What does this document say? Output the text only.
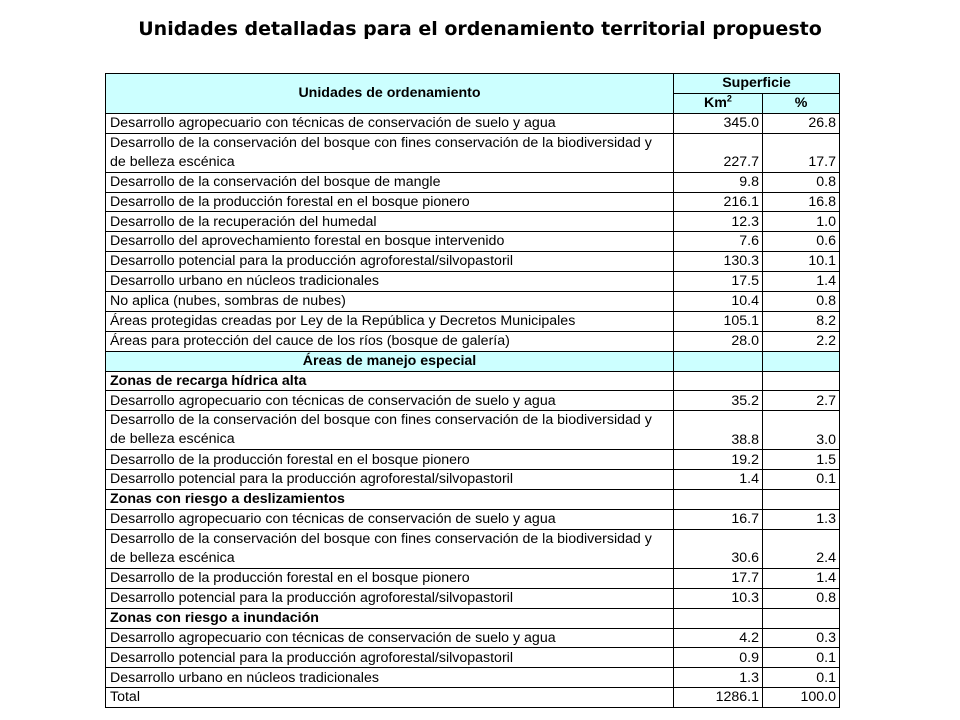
Unidades detalladas para el ordenamiento territorial propuesto
Unidades de ordenamiento	Superficie	
	Km$^2$	%
Desarrollo agropecuario con técnicas de conservación de suelo y agua	345.0	26.8
Desarrollo de la conservación del bosque con fines conservación de la biodiversidad y de belleza escénica	227.7	17.7
Desarrollo de la conservación del bosque de mangle	9.8	0.8
Desarrollo de la producción forestal en el bosque pionero	216.1	16.8
Desarrollo de la recuperación del humedal	12.3	1.0
Desarrollo del aprovechamiento forestal en bosque intervenido	7.6	0.6
Desarrollo potencial para la producción agroforestal/silvopastoril	130.3	10.1
Desarrollo urbano en núcleos tradicionales	17.5	1.4
No aplica (nubes, sombras de nubes)	10.4	0.8
Áreas protegidas creadas por Ley de la República y Decretos Municipales	105.1	8.2
Áreas para protección del cauce de los ríos (bosque de galería)	28.0	2.2
Áreas de manejo especial		
Zonas de recarga hídrica alta		
Desarrollo agropecuario con técnicas de conservación de suelo y agua	35.2	2.7
Desarrollo de la conservación del bosque con fines conservación de la biodiversidad y de belleza escénica	38.8	3.0
Desarrollo de la producción forestal en el bosque pionero	19.2	1.5
Desarrollo potencial para la producción agroforestal/silvopastoril	1.4	0.1
Zonas con riesgo a deslizamientos		
Desarrollo agropecuario con técnicas de conservación de suelo y agua	16.7	1.3
Desarrollo de la conservación del bosque con fines conservación de la biodiversidad y de belleza escénica	30.6	2.4
Desarrollo de la producción forestal en el bosque pionero	17.7	1.4
Desarrollo potencial para la producción agroforestal/silvopastoril	10.3	0.8
Zonas con riesgo a inundación		
Desarrollo agropecuario con técnicas de conservación de suelo y agua	4.2	0.3
Desarrollo potencial para la producción agroforestal/silvopastoril	0.9	0.1
Desarrollo urbano en núcleos tradicionales	1.3	0.1
Total	1286.1	100.0
